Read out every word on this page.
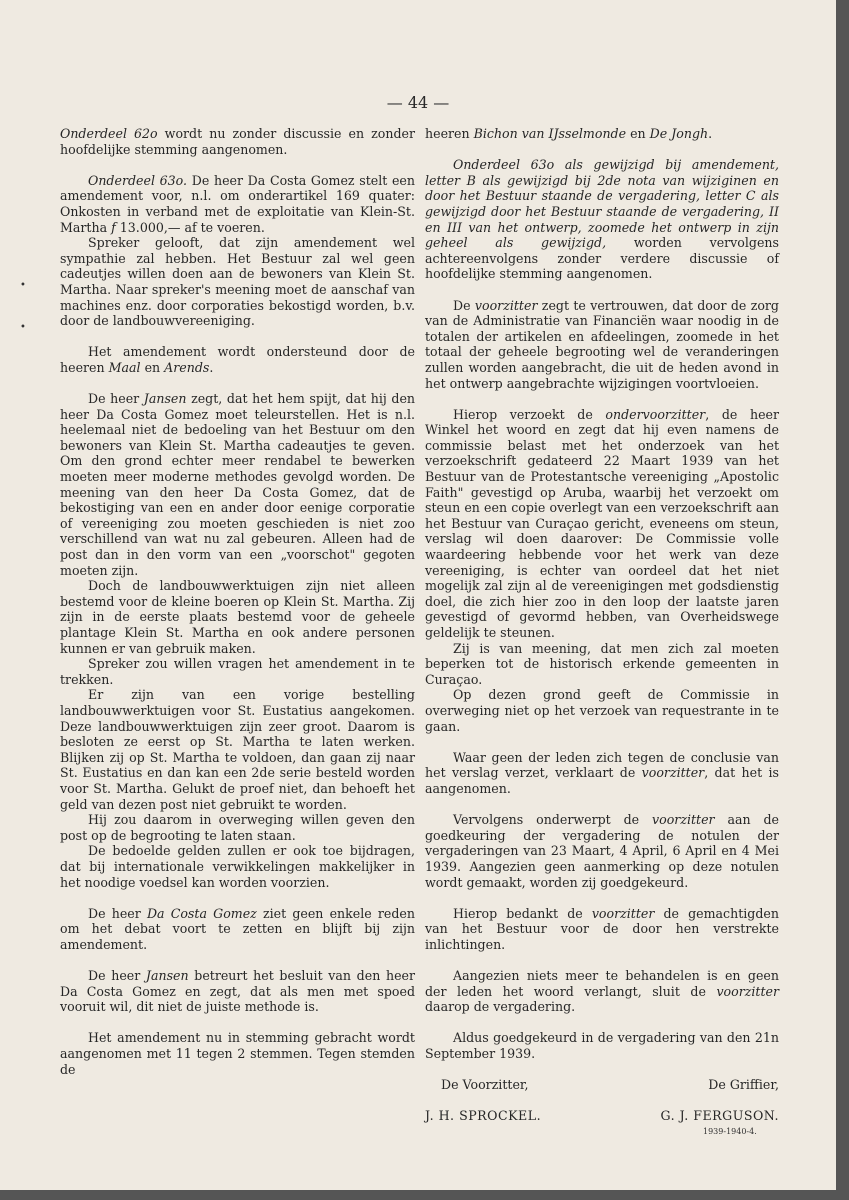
— 44 —
•
•

Onderdeel 62o wordt nu zonder discussie en zonder hoofdelijke stemming aangenomen.

Onderdeel 63o. De heer Da Costa Gomez stelt een amendement voor, n.l. om onderartikel 169 quater: Onkosten in verband met de exploitatie van Klein-St. Martha f 13.000,— af te voeren.

Spreker gelooft, dat zijn amendement wel sympathie zal hebben. Het Bestuur zal wel geen cadeutjes willen doen aan de bewoners van Klein St. Martha. Naar spreker's meening moet de aanschaf van machines enz. door corporaties bekostigd worden, b.v. door de landbouwvereeniging.

Het amendement wordt ondersteund door de heeren Maal en Arends.

De heer Jansen zegt, dat het hem spijt, dat hij den heer Da Costa Gomez moet teleurstellen. Het is n.l. heelemaal niet de bedoeling van het Bestuur om den bewoners van Klein St. Martha cadeautjes te geven. Om den grond echter meer rendabel te bewerken moeten meer moderne methodes gevolgd worden. De meening van den heer Da Costa Gomez, dat de bekostiging van een en ander door eenige corporatie of vereeniging zou moeten geschieden is niet zoo verschillend van wat nu zal gebeuren. Alleen had de post dan in den vorm van een „voorschot" gegoten moeten zijn.

Doch de landbouwwerktuigen zijn niet alleen bestemd voor de kleine boeren op Klein St. Martha. Zij zijn in de eerste plaats bestemd voor de geheele plantage Klein St. Martha en ook andere personen kunnen er van gebruik maken.

Spreker zou willen vragen het amendement in te trekken.

Er zijn van een vorige bestelling landbouwwerktuigen voor St. Eustatius aangekomen. Deze landbouwwerktuigen zijn zeer groot. Daarom is besloten ze eerst op St. Martha te laten werken. Blijken zij op St. Martha te voldoen, dan gaan zij naar St. Eustatius en dan kan een 2de serie besteld worden voor St. Martha. Gelukt de proef niet, dan behoeft het geld van dezen post niet gebruikt te worden.

Hij zou daarom in overweging willen geven den post op de begrooting te laten staan.

De bedoelde gelden zullen er ook toe bijdragen, dat bij internationale verwikkelingen makkelijker in het noodige voedsel kan worden voorzien.

De heer Da Costa Gomez ziet geen enkele reden om het debat voort te zetten en blijft bij zijn amendement.

De heer Jansen betreurt het besluit van den heer Da Costa Gomez en zegt, dat als men met spoed vooruit wil, dit niet de juiste methode is.

Het amendement nu in stemming gebracht wordt aangenomen met 11 tegen 2 stemmen. Tegen stemden de

heeren Bichon van IJsselmonde en De Jongh.

Onderdeel 63o als gewijzigd bij amendement, letter B als gewijzigd bij 2de nota van wijziginen en door het Bestuur staande de vergadering, letter C als gewijzigd door het Bestuur staande de vergadering, II en III van het ontwerp, zoomede het ontwerp in zijn geheel als gewijzigd, worden vervolgens achtereenvolgens zonder verdere discussie of hoofdelijke stemming aangenomen.

De voorzitter zegt te vertrouwen, dat door de zorg van de Administratie van Financiën waar noodig in de totalen der artikelen en afdeelingen, zoomede in het totaal der geheele begrooting wel de veranderingen zullen worden aangebracht, die uit de heden avond in het ontwerp aangebrachte wijzigingen voortvloeien.

Hierop verzoekt de ondervoorzitter, de heer Winkel het woord en zegt dat hij even namens de commissie belast met het onderzoek van het verzoekschrift gedateerd 22 Maart 1939 van het Bestuur van de Protestantsche vereeniging „Apostolic Faith" gevestigd op Aruba, waarbij het verzoekt om steun en een copie overlegt van een verzoekschrift aan het Bestuur van Curaçao gericht, eveneens om steun, verslag wil doen daarover: De Commissie volle waardeering hebbende voor het werk van deze vereeniging, is echter van oordeel dat het niet mogelijk zal zijn al de vereenigingen met godsdienstig doel, die zich hier zoo in den loop der laatste jaren gevestigd of gevormd hebben, van Overheidswege geldelijk te steunen.

Zij is van meening, dat men zich zal moeten beperken tot de historisch erkende gemeenten in Curaçao.

Op dezen grond geeft de Commissie in overweging niet op het verzoek van requestrante in te gaan.

Waar geen der leden zich tegen de conclusie van het verslag verzet, verklaart de voorzitter, dat het is aangenomen.

Vervolgens onderwerpt de voorzitter aan de goedkeuring der vergadering de notulen der vergaderingen van 23 Maart, 4 April, 6 April en 4 Mei 1939. Aangezien geen aanmerking op deze notulen wordt gemaakt, worden zij goedgekeurd.

Hierop bedankt de voorzitter de gemachtigden van het Bestuur voor de door hen verstrekte inlichtingen.

Aangezien niets meer te behandelen is en geen der leden het woord verlangt, sluit de voorzitter daarop de vergadering.

Aldus goedgekeurd in de vergadering van den 21n September 1939.

De Voorzitter,	De Griffier,
J. H. SPROCKEL.	G. J. FERGUSON.
1939-1940-4.
